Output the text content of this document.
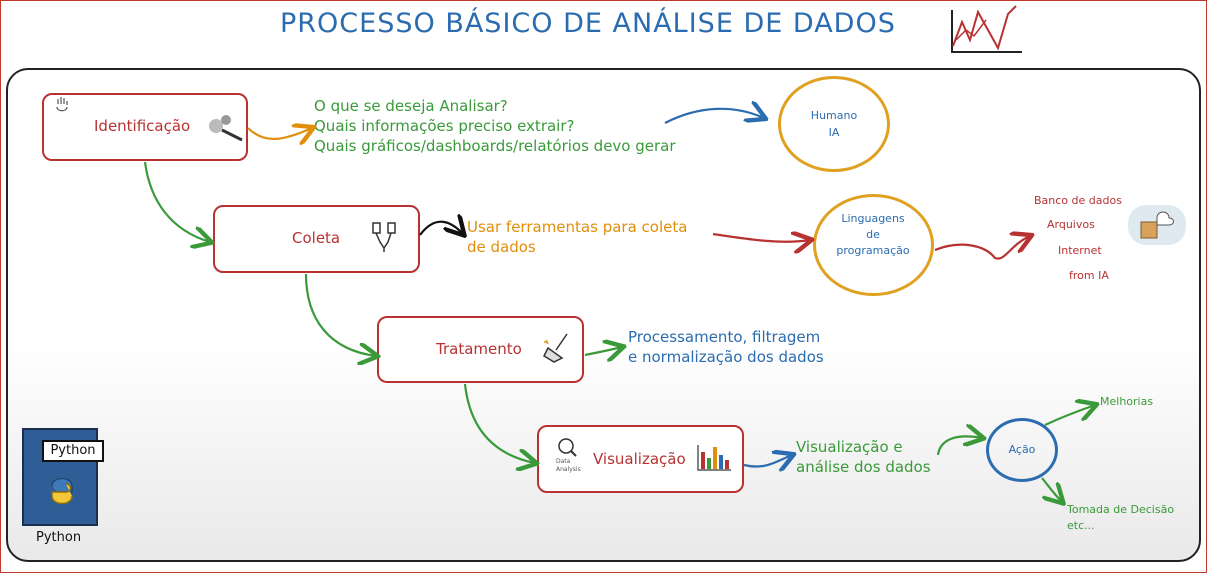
PROCESSO BÁSICO DE ANÁLISE DE DADOS
Identificação
Coleta
Tratamento
Visualização
O que se deseja Analisar?
Quais informações preciso extrair?
Quais gráficos/dashboards/relatórios devo gerar
Humano
IA
Usar ferramentas para coleta
de dados
Linguagens
de
programação
Banco de dados
Arquivos
Internet
from IA
Processamento, filtragem
e normalização dos dados
Visualização e
análise dos dados
Ação
Melhorias
Tomada de Decisão
etc...
Python
Python
Data Analysis
